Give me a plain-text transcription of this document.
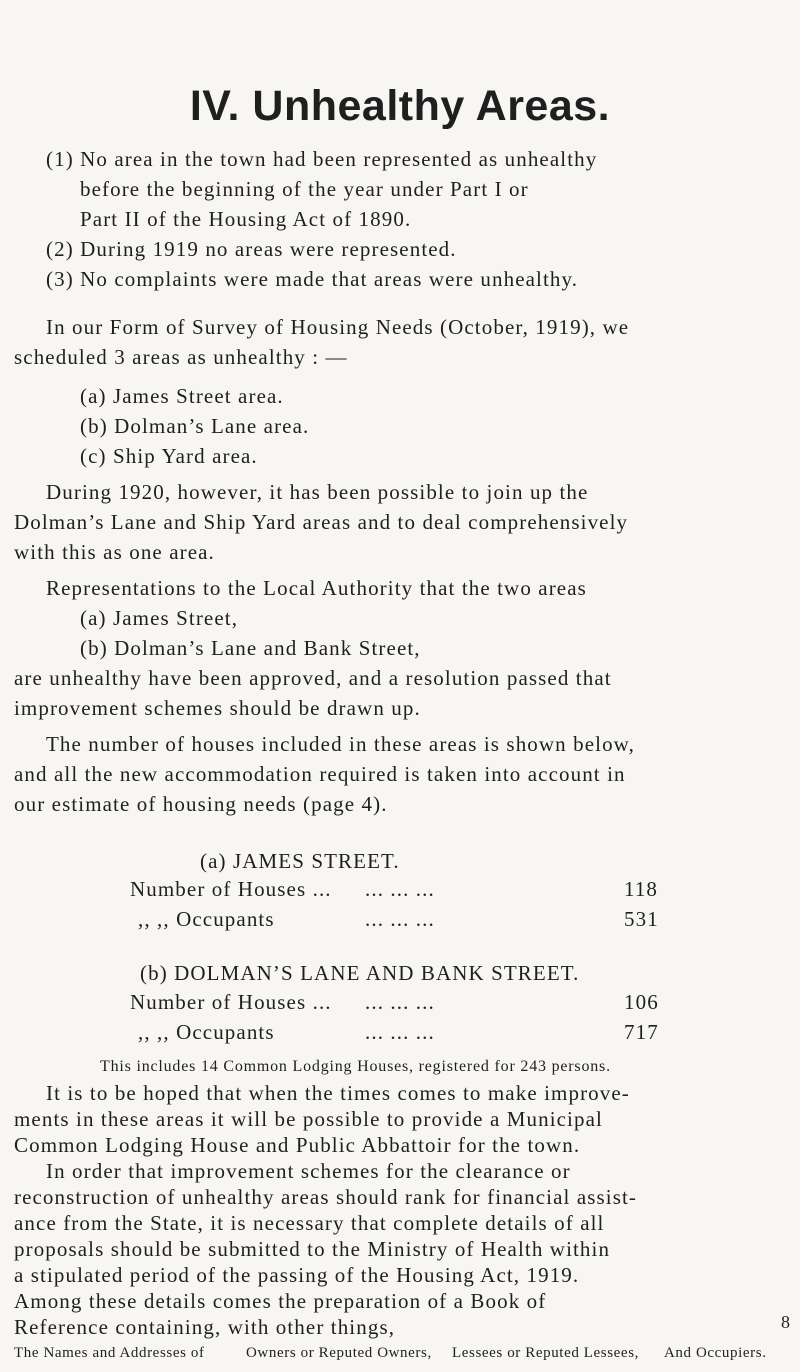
IV. Unhealthy Areas.
(1) No area in the town had been represented as unhealthy
before the beginning of the year under Part I or
Part II of the Housing Act of 1890.
(2) During 1919 no areas were represented.
(3) No complaints were made that areas were unhealthy.
In our Form of Survey of Housing Needs (October, 1919), we
scheduled 3 areas as unhealthy : —
(a) James Street area.
(b) Dolman’s Lane area.
(c) Ship Yard area.
During 1920, however, it has been possible to join up the
Dolman’s Lane and Ship Yard areas and to deal comprehensively
with this as one area.
Representations to the Local Authority that the two areas
(a) James Street,
(b) Dolman’s Lane and Bank Street,
are unhealthy have been approved, and a resolution passed that
improvement schemes should be drawn up.
The number of houses included in these areas is shown below,
and all the new accommodation required is taken into account in
our estimate of housing needs (page 4).
(a) JAMES STREET.
Number of Houses ... ... ... ...	118
,, ,, Occupants	... ... ...	531
(b) DOLMAN’S LANE AND BANK STREET.
Number of Houses ... ... ... ...	106
,, ,, Occupants	... ... ...	717
This includes 14 Common Lodging Houses, registered for 243 persons.
It is to be hoped that when the times comes to make improve-
ments in these areas it will be possible to provide a Municipal
Common Lodging House and Public Abbattoir for the town.
In order that improvement schemes for the clearance or
reconstruction of unhealthy areas should rank for financial assist-
ance from the State, it is necessary that complete details of all
proposals should be submitted to the Ministry of Health within
a stipulated period of the passing of the Housing Act, 1919.
Among these details comes the preparation of a Book of
Reference containing, with other things,
The Names and Addresses of	Owners or Reputed Owners, Lessees or Reputed Lessees, And Occupiers.
8
